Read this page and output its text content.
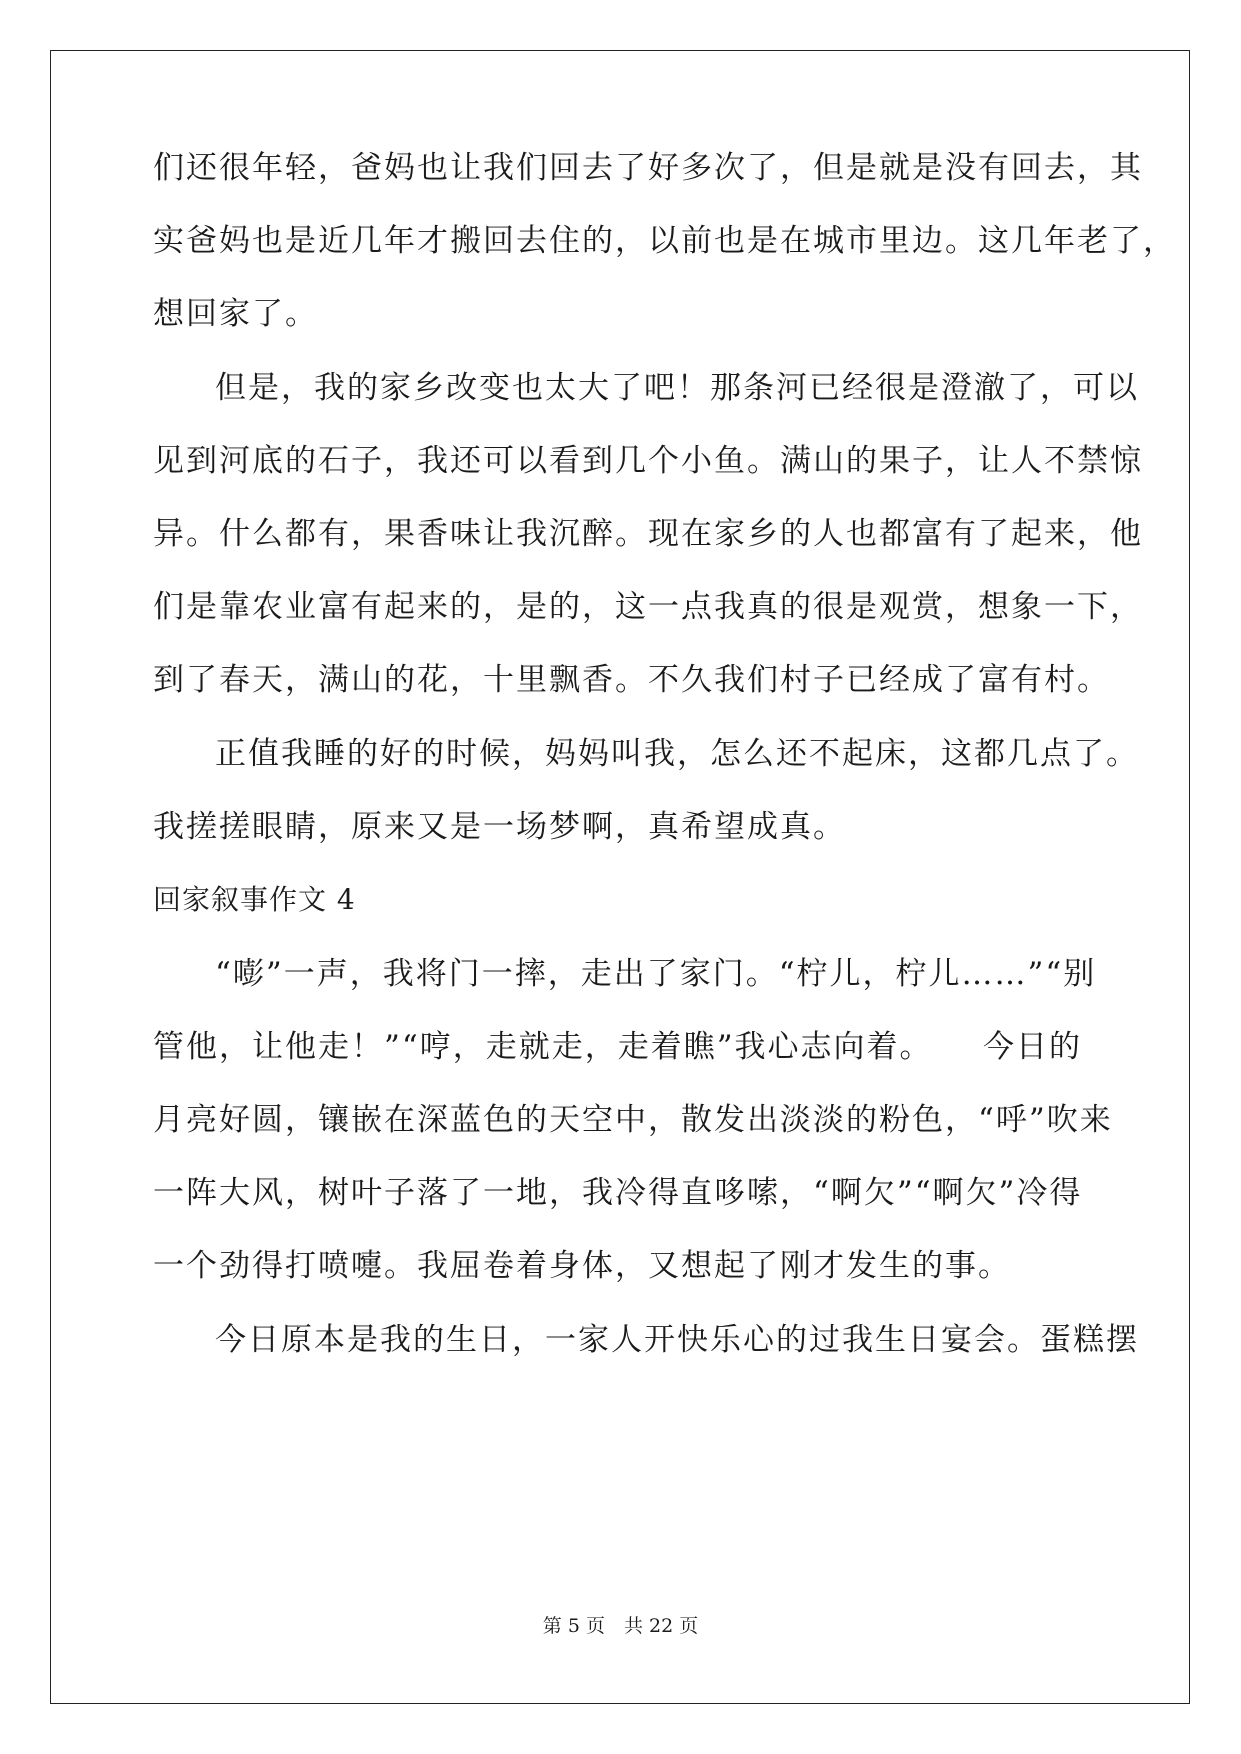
们还很年轻，爸妈也让我们回去了好多次了，但是就是没有回去，其
实爸妈也是近几年才搬回去住的，以前也是在城市里边。这几年老了，
想回家了。
但是，我的家乡改变也太大了吧！那条河已经很是澄澈了，可以
见到河底的石子，我还可以看到几个小鱼。满山的果子，让人不禁惊
异。什么都有，果香味让我沉醉。现在家乡的人也都富有了起来，他
们是靠农业富有起来的，是的，这一点我真的很是观赏，想象一下，
到了春天，满山的花，十里飘香。不久我们村子已经成了富有村。
正值我睡的好的时候，妈妈叫我，怎么还不起床，这都几点了。
我搓搓眼睛，原来又是一场梦啊，真希望成真。
回家叙事作文 4
“嘭”一声，我将门一摔，走出了家门。“柠儿，柠儿……”“别
管他，让他走！”“哼，走就走，走着瞧”我心志向着。　　今日的
月亮好圆，镶嵌在深蓝色的天空中，散发出淡淡的粉色，“呼”吹来
一阵大风，树叶子落了一地，我冷得直哆嗦，“啊欠”“啊欠”冷得
一个劲得打喷嚏。我屈卷着身体，又想起了刚才发生的事。
今日原本是我的生日，一家人开快乐心的过我生日宴会。蛋糕摆
第 5 页　共 22 页
